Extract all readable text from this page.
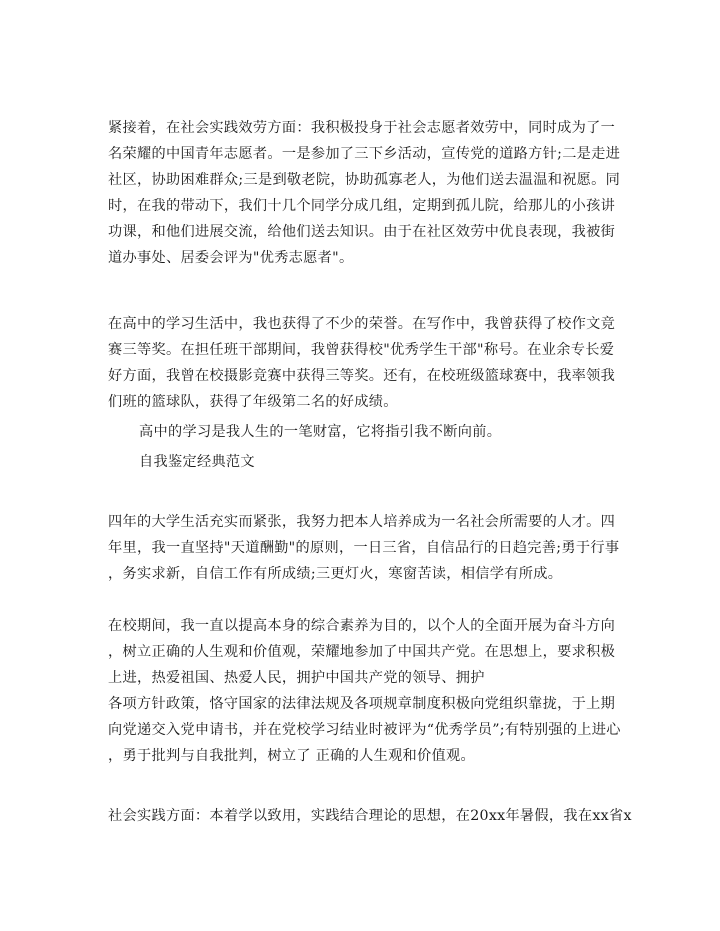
紧接着，在社会实践效劳方面：我积极投身于社会志愿者效劳中，同时成为了一
名荣耀的中国青年志愿者。一是参加了三下乡活动，宣传党的道路方针;二是走进
社区，协助困难群众;三是到敬老院，协助孤寡老人，为他们送去温温和祝愿。同
时，在我的带动下，我们十几个同学分成几组，定期到孤儿院，给那儿的小孩讲
功课，和他们进展交流，给他们送去知识。由于在社区效劳中优良表现，我被街
道办事处、居委会评为"优秀志愿者"。
在高中的学习生活中，我也获得了不少的荣誉。在写作中，我曾获得了校作文竞
赛三等奖。在担任班干部期间，我曾获得校"优秀学生干部"称号。在业余专长爱
好方面，我曾在校摄影竞赛中获得三等奖。还有，在校班级篮球赛中，我率领我
们班的篮球队，获得了年级第二名的好成绩。
高中的学习是我人生的一笔财富，它将指引我不断向前。
自我鉴定经典范文
四年的大学生活充实而紧张，我努力把本人培养成为一名社会所需要的人才。四
年里，我一直坚持"天道酬勤"的原则，一日三省，自信品行的日趋完善;勇于行事
，务实求新，自信工作有所成绩;三更灯火，寒窗苦读，相信学有所成。
在校期间，我一直以提高本身的综合素养为目的，以个人的全面开展为奋斗方向
，树立正确的人生观和价值观，荣耀地参加了中国共产党。在思想上，要求积极
上进，热爱祖国、热爱人民，拥护中国共产党的领导、拥护
各项方针政策，恪守国家的法律法规及各项规章制度积极向党组织靠拢，于上期
向党递交入党申请书，并在党校学习结业时被评为“优秀学员”;有特别强的上进心
，勇于批判与自我批判，树立了 正确的人生观和价值观。
社会实践方面：本着学以致用，实践结合理论的思想，在20xx年暑假，我在xx省x
